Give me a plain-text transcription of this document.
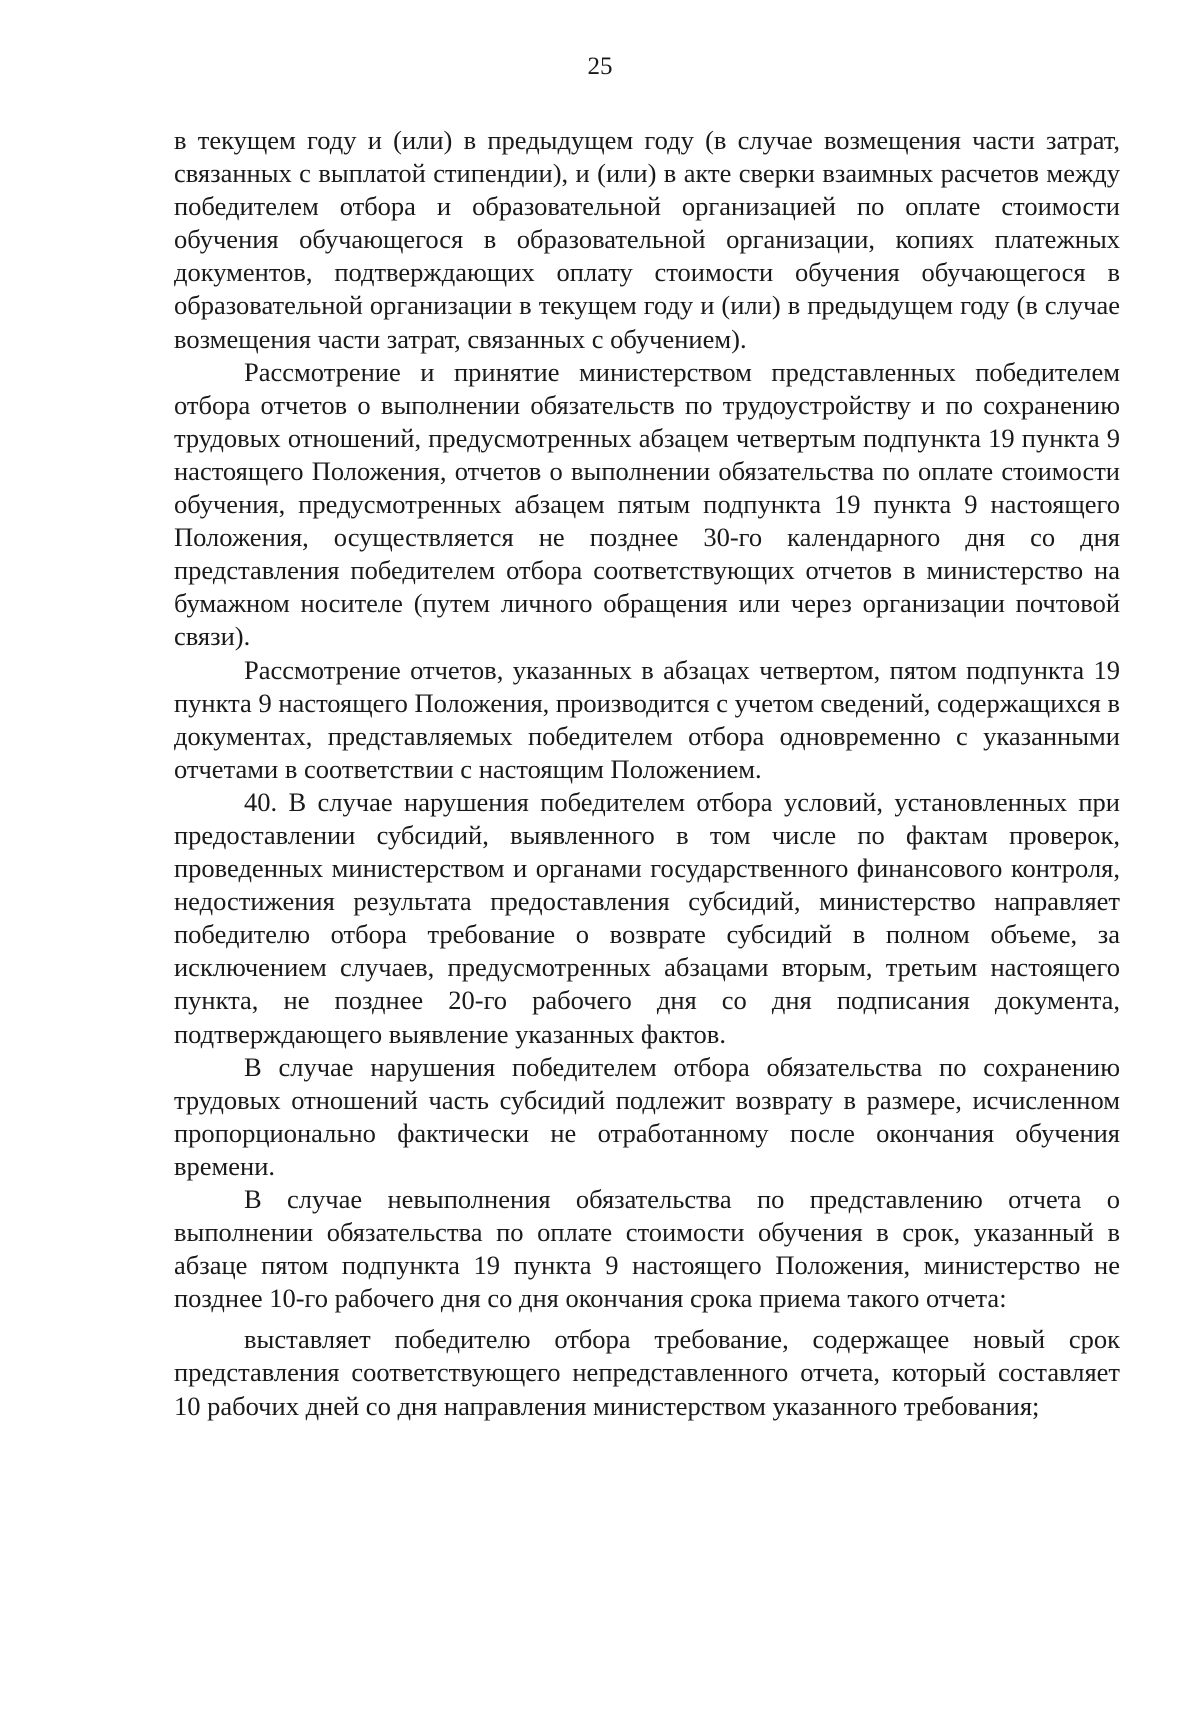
25

в текущем году и (или) в предыдущем году (в случае возмещения части затрат, связанных с выплатой стипендии), и (или) в акте сверки взаимных расчетов между победителем отбора и образовательной организацией по оплате стоимости обучения обучающегося в образовательной организации, копиях платежных документов, подтверждающих оплату стоимости обучения обучающегося в образовательной организации в текущем году и (или) в предыдущем году (в случае возмещения части затрат, связанных с обучением).

Рассмотрение и принятие министерством представленных победителем отбора отчетов о выполнении обязательств по трудоустройству и по сохранению трудовых отношений, предусмотренных абзацем четвертым подпункта 19 пункта 9 настоящего Положения, отчетов о выполнении обязательства по оплате стоимости обучения, предусмотренных абзацем пятым подпункта 19 пункта 9 настоящего Положения, осуществляется не позднее 30-го календарного дня со дня представления победителем отбора соответствующих отчетов в министерство на бумажном носителе (путем личного обращения или через организации почтовой связи).

Рассмотрение отчетов, указанных в абзацах четвертом, пятом подпункта 19 пункта 9 настоящего Положения, производится с учетом сведений, содержащихся в документах, представляемых победителем отбора одновременно с указанными отчетами в соответствии с настоящим Положением.

40. В случае нарушения победителем отбора условий, установленных при предоставлении субсидий, выявленного в том числе по фактам проверок, проведенных министерством и органами государственного финансового контроля, недостижения результата предоставления субсидий, министерство направляет победителю отбора требование о возврате субсидий в полном объеме, за исключением случаев, предусмотренных абзацами вторым, третьим настоящего пункта, не позднее 20-го рабочего дня со дня подписания документа, подтверждающего выявление указанных фактов.

В случае нарушения победителем отбора обязательства по сохранению трудовых отношений часть субсидий подлежит возврату в размере, исчисленном пропорционально фактически не отработанному после окончания обучения времени.

В случае невыполнения обязательства по представлению отчета о выполнении обязательства по оплате стоимости обучения в срок, указанный в абзаце пятом подпункта 19 пункта 9 настоящего Положения, министерство не позднее 10-го рабочего дня со дня окончания срока приема такого отчета:

выставляет победителю отбора требование, содержащее новый срок представления соответствующего непредставленного отчета, который составляет 10 рабочих дней со дня направления министерством указанного требования;
